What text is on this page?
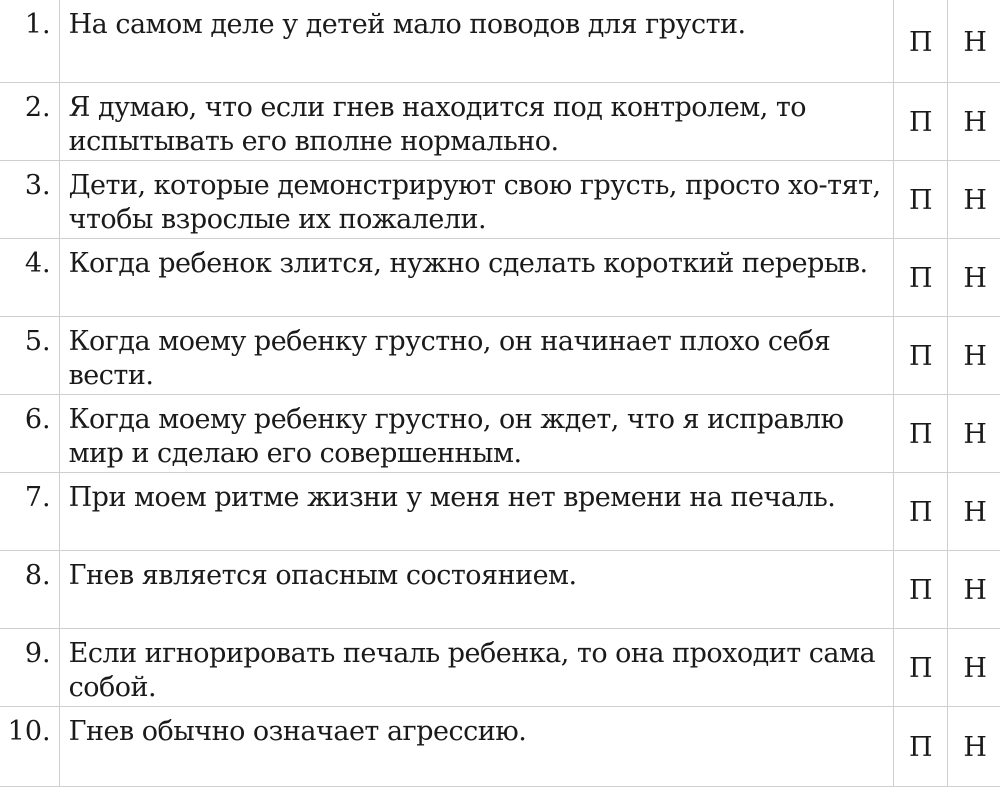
1.	На самом деле у детей мало поводов для грусти.	П	Н
2.	Я думаю, что если гнев находится под контролем, то испытывать его вполне нормально.	П	Н
3.	Дети, которые демонстрируют свою грусть, просто хо-тят, чтобы взрослые их пожалели.	П	Н
4.	Когда ребенок злится, нужно сделать короткий перерыв.	П	Н
5.	Когда моему ребенку грустно, он начинает плохо себя вести.	П	Н
6.	Когда моему ребенку грустно, он ждет, что я исправлю мир и сделаю его совершенным.	П	Н
7.	При моем ритме жизни у меня нет времени на печаль.	П	Н
8.	Гнев является опасным состоянием.	П	Н
9.	Если игнорировать печаль ребенка, то она проходит сама собой.	П	Н
10.	Гнев обычно означает агрессию.	П	Н
